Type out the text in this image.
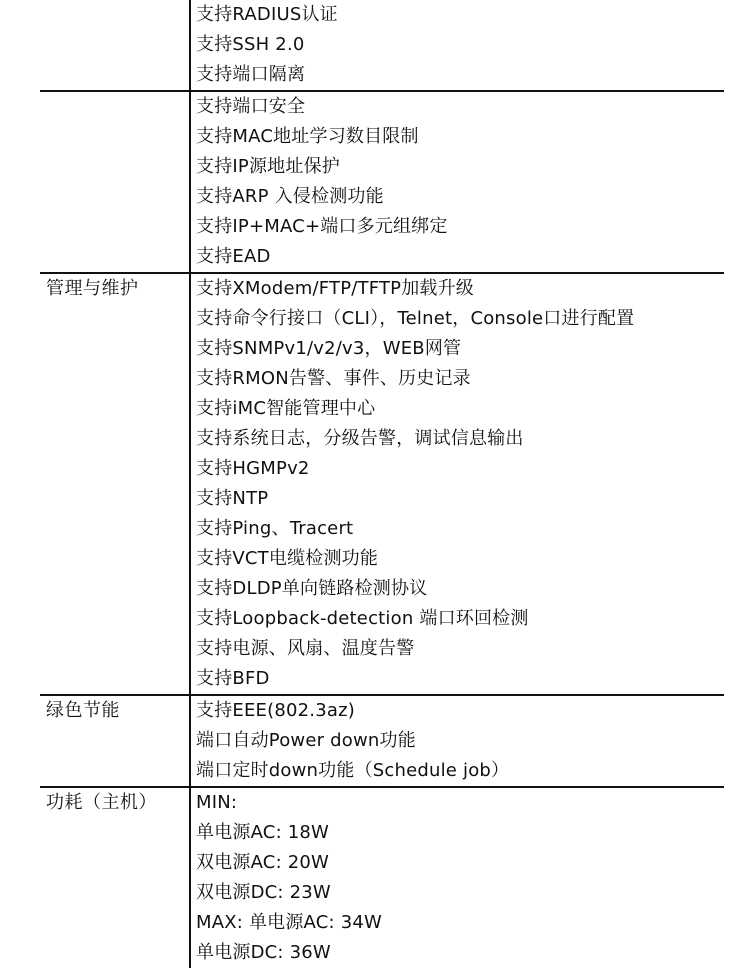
支持RADIUS认证
支持SSH 2.0
支持端口隔离
支持端口安全
支持MAC地址学习数目限制
支持IP源地址保护
支持ARP 入侵检测功能
支持IP+MAC+端口多元组绑定
支持EAD
管理与维护	支持XModem/FTP/TFTP加载升级
支持命令行接口（CLI），Telnet，Console口进行配置
支持SNMPv1/v2/v3，WEB网管
支持RMON告警、事件、历史记录
支持iMC智能管理中心
支持系统日志，分级告警，调试信息输出
支持HGMPv2
支持NTP
支持Ping、Tracert
支持VCT电缆检测功能
支持DLDP单向链路检测协议
支持Loopback-detection 端口环回检测
支持电源、风扇、温度告警
支持BFD
绿色节能	支持EEE(802.3az)
端口自动Power down功能
端口定时down功能（Schedule job）
功耗（主机）	MIN:
单电源AC: 18W
双电源AC: 20W
双电源DC: 23W
MAX: 单电源AC: 34W
单电源DC: 36W
